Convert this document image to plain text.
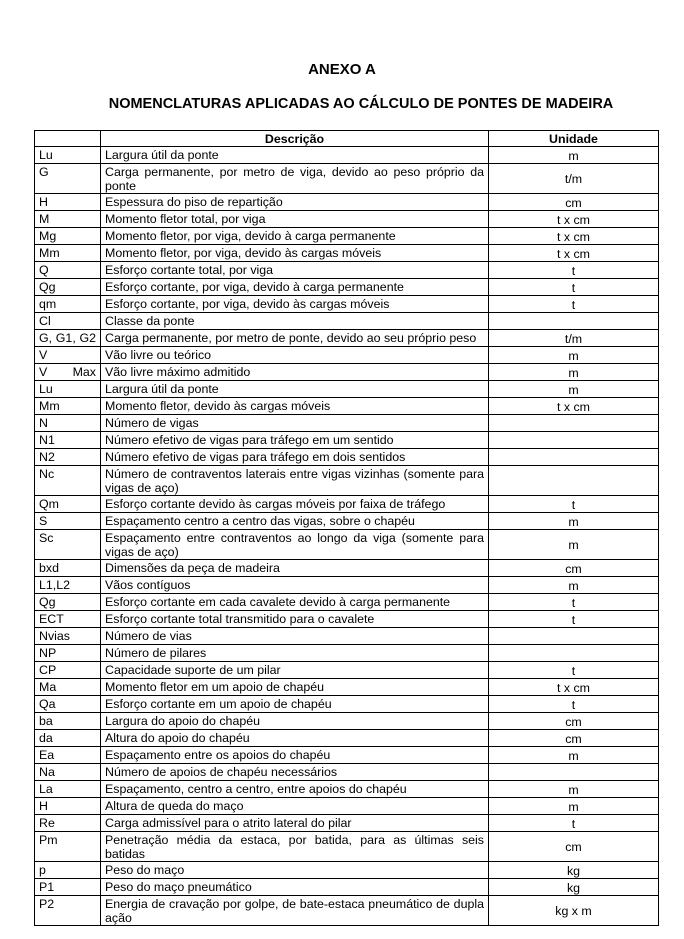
ANEXO A
NOMENCLATURAS APLICADAS AO CÁLCULO DE PONTES DE MADEIRA
	Descrição	Unidade
Lu	Largura útil da ponte	m
G	Carga permanente, por metro de viga, devido ao peso próprio da ponte	t/m
H	Espessura do piso de repartição	cm
M	Momento fletor total, por viga	t x cm
Mg	Momento fletor, por viga, devido à carga permanente	t x cm
Mm	Momento fletor, por viga, devido às cargas móveis	t x cm
Q	Esforço cortante total, por viga	t
Qg	Esforço cortante, por viga, devido à carga permanente	t
qm	Esforço cortante, por viga, devido às cargas móveis	t
Cl	Classe da ponte	
G, G1, G2	Carga permanente, por metro de ponte, devido ao seu próprio peso	t/m
V	Vão livre ou teórico	m
V Max	Vão livre máximo admitido	m
Lu	Largura útil da ponte	m
Mm	Momento fletor, devido às cargas móveis	t x cm
N	Número de vigas	
N1	Número efetivo de vigas para tráfego em um sentido	
N2	Número efetivo de vigas para tráfego em dois sentidos	
Nc	Número de contraventos laterais entre vigas vizinhas (somente para vigas de aço)	
Qm	Esforço cortante devido às cargas móveis por faixa de tráfego	t
S	Espaçamento centro a centro das vigas, sobre o chapéu	m
Sc	Espaçamento entre contraventos ao longo da viga (somente para vigas de aço)	m
bxd	Dimensões da peça de madeira	cm
L1,L2	Vãos contíguos	m
Qg	Esforço cortante em cada cavalete devido à carga permanente	t
ECT	Esforço cortante total transmitido para o cavalete	t
Nvias	Número de vias	
NP	Número de pilares	
CP	Capacidade suporte de um pilar	t
Ma	Momento fletor em um apoio de chapéu	t x cm
Qa	Esforço cortante em um apoio de chapéu	t
ba	Largura do apoio do chapéu	cm
da	Altura do apoio do chapéu	cm
Ea	Espaçamento entre os apoios do chapéu	m
Na	Número de apoios de chapéu necessários	
La	Espaçamento, centro a centro, entre apoios do chapéu	m
H	Altura de queda do maço	m
Re	Carga admissível para o atrito lateral do pilar	t
Pm	Penetração média da estaca, por batida, para as últimas seis batidas	cm
p	Peso do maço	kg
P1	Peso do maço pneumático	kg
P2	Energia de cravação por golpe, de bate-estaca pneumático de dupla ação	kg x m
